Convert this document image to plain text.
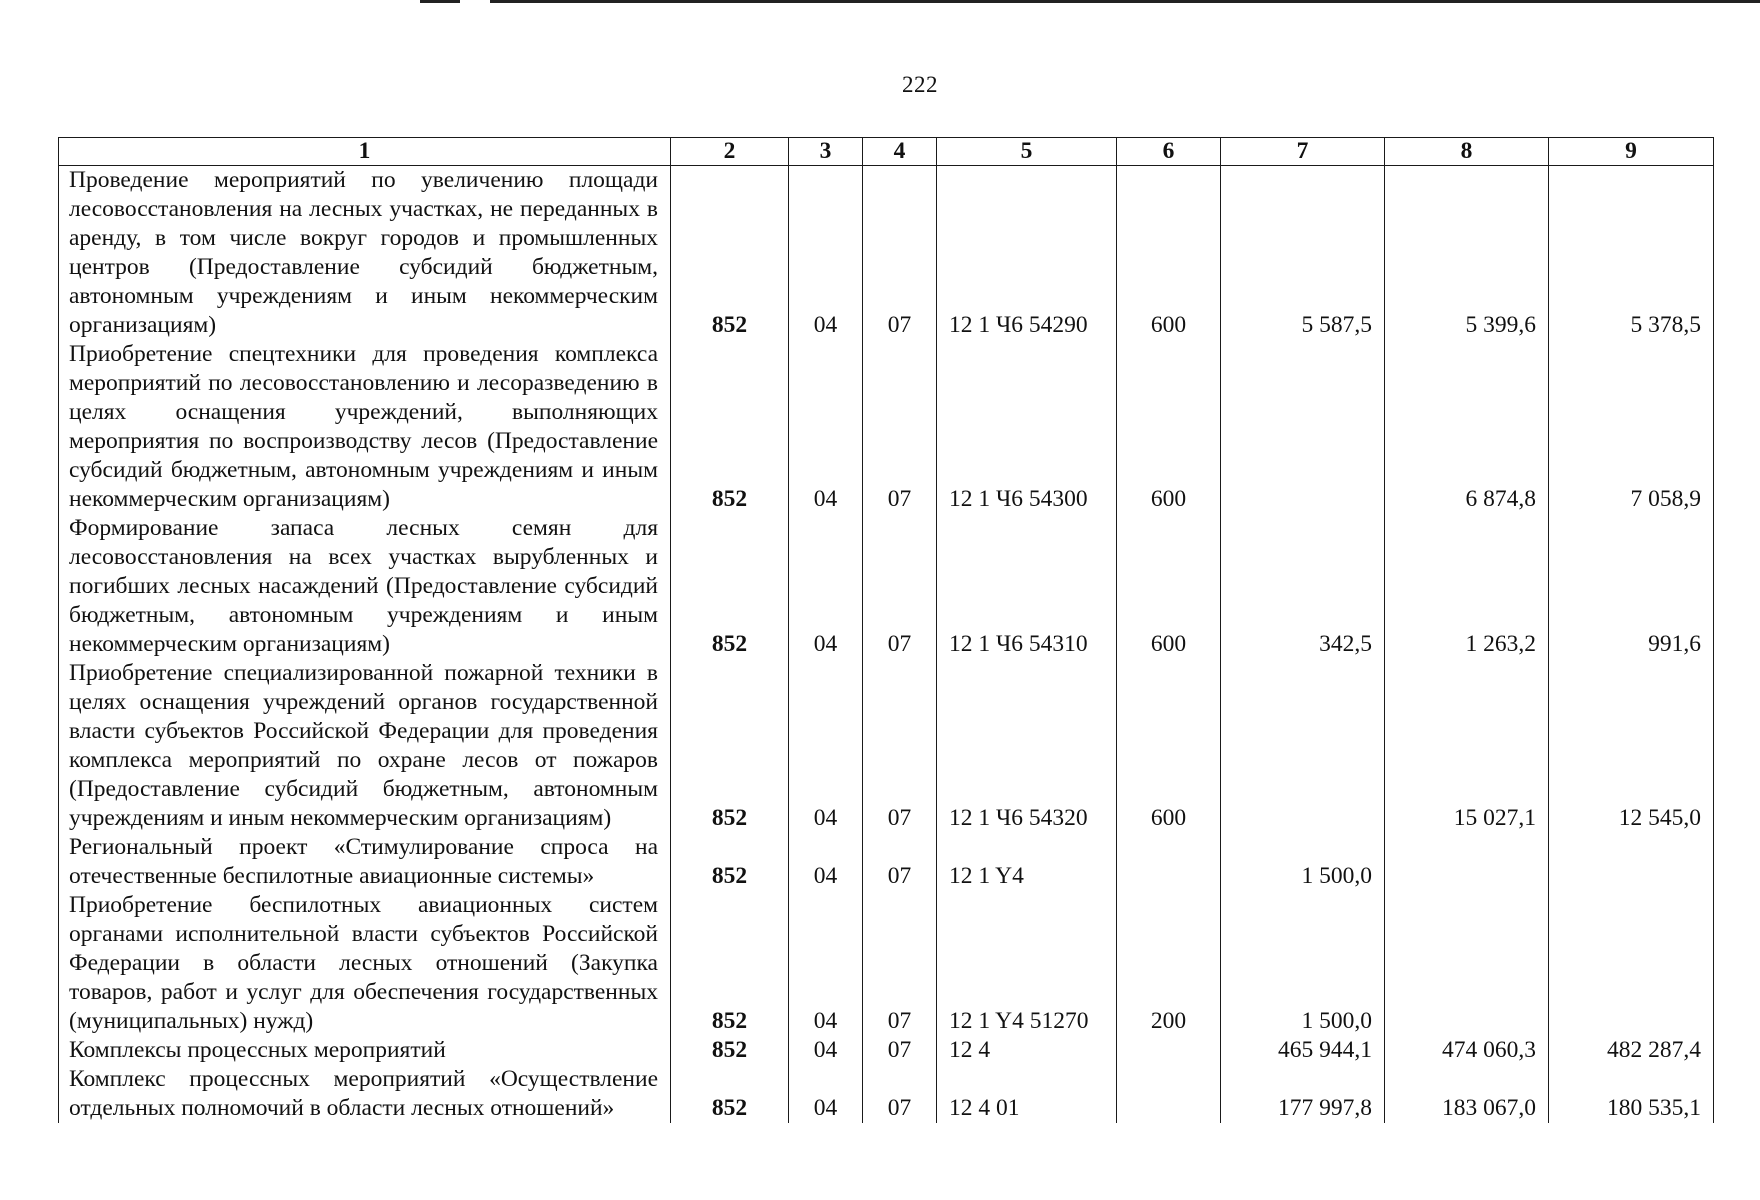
222
1	2	3	4	5	6	7	8	9
Проведение мероприятий по увеличению площади лесовосстановления на лесных участках, не переданных в аренду, в том числе вокруг городов и промышленных центров (Предоставление субсидий бюджетным, автономным учреждениям и иным некоммерческим организациям)	852	04	07	12 1 Ч6 54290	600	5 587,5	5 399,6	5 378,5
Приобретение спецтехники для проведения комплекса мероприятий по лесовосстановлению и лесоразведению в целях оснащения учреждений, выполняющих мероприятия по воспроизводству лесов (Предоставление субсидий бюджетным, автономным учреждениям и иным некоммерческим организациям)	852	04	07	12 1 Ч6 54300	600		6 874,8	7 058,9
Формирование запаса лесных семян для лесовосстановления на всех участках вырубленных и погибших лесных насаждений (Предоставление субсидий бюджетным, автономным учреждениям и иным некоммерческим организациям)	852	04	07	12 1 Ч6 54310	600	342,5	1 263,2	991,6
Приобретение специализированной пожарной техники в целях оснащения учреждений органов государственной власти субъектов Российской Федерации для проведения комплекса мероприятий по охране лесов от пожаров (Предоставление субсидий бюджетным, автономным учреждениям и иным некоммерческим организациям)	852	04	07	12 1 Ч6 54320	600		15 027,1	12 545,0
Региональный проект «Стимулирование спроса на отечественные беспилотные авиационные системы»	852	04	07	12 1 Y4		1 500,0		
Приобретение беспилотных авиационных систем органами исполнительной власти субъектов Российской Федерации в области лесных отношений (Закупка товаров, работ и услуг для обеспечения государственных (муниципальных) нужд)	852	04	07	12 1 Y4 51270	200	1 500,0		
Комплексы процессных мероприятий	852	04	07	12 4		465 944,1	474 060,3	482 287,4
Комплекс процессных мероприятий «Осуществление отдельных полномочий в области лесных отношений»	852	04	07	12 4 01		177 997,8	183 067,0	180 535,1
